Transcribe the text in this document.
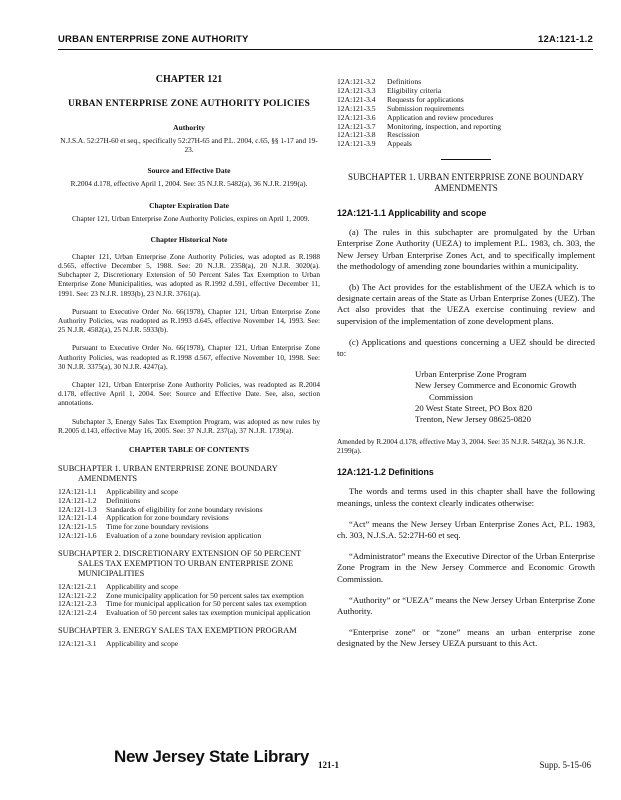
URBAN ENTERPRISE ZONE AUTHORITY	12A:121-1.2
CHAPTER 121
URBAN ENTERPRISE ZONE AUTHORITY POLICIES
Authority

N.J.S.A. 52:27H-60 et seq., specifically 52:27H-65 and P.L. 2004, c.65, §§ 1-17 and 19-23.

Source and Effective Date

R.2004 d.178, effective April 1, 2004. See: 35 N.J.R. 5482(a), 36 N.J.R. 2199(a).

Chapter Expiration Date

Chapter 121, Urban Enterprise Zone Authority Policies, expires on April 1, 2009.

Chapter Historical Note

Chapter 121, Urban Enterprise Zone Authority Policies, was adopted as R.1988 d.565, effective December 5, 1988. See: 20 N.J.R. 2358(a), 20 N.J.R. 3020(a). Subchapter 2, Discretionary Extension of 50 Percent Sales Tax Exemption to Urban Enterprise Zone Municipalities, was adopted as R.1992 d.591, effective December 11, 1991. See: 23 N.J.R. 1893(b), 23 N.J.R. 3761(a).

Pursuant to Executive Order No. 66(1978), Chapter 121, Urban Enterprise Zone Authority Policies, was readopted as R.1993 d.645, effective November 14, 1993. See: 25 N.J.R. 4582(a), 25 N.J.R. 5933(b).

Pursuant to Executive Order No. 66(1978), Chapter 121, Urban Enterprise Zone Authority Policies, was readopted as R.1998 d.567, effective November 10, 1998. See: 30 N.J.R. 3375(a), 30 N.J.R. 4247(a).

Chapter 121, Urban Enterprise Zone Authority Policies, was readopted as R.2004 d.178, effective April 1, 2004. See: Source and Effective Date. See, also, section annotations.

Subchapter 3, Energy Sales Tax Exemption Program, was adopted as new rules by R.2005 d.143, effective May 16, 2005. See: 37 N.J.R. 237(a), 37 N.J.R. 1739(a).

CHAPTER TABLE OF CONTENTS
SUBCHAPTER 1. URBAN ENTERPRISE ZONE BOUNDARY AMENDMENTS
12A:121-1.1	Applicability and scope
12A:121-1.2	Definitions
12A:121-1.3	Standards of eligibility for zone boundary revisions
12A:121-1.4	Application for zone boundary revisions
12A:121-1.5	Time for zone boundary revisions
12A:121-1.6	Evaluation of a zone boundary revision application
SUBCHAPTER 2. DISCRETIONARY EXTENSION OF 50 PERCENT SALES TAX EXEMPTION TO URBAN ENTERPRISE ZONE MUNICIPALITIES
12A:121-2.1	Applicability and scope
12A:121-2.2	Zone municipality application for 50 percent sales tax exemption
12A:121-2.3	Time for municipal application for 50 percent sales tax exemption
12A:121-2.4	Evaluation of 50 percent sales tax exemption municipal application
SUBCHAPTER 3. ENERGY SALES TAX EXEMPTION PROGRAM
12A:121-3.1	Applicability and scope
12A:121-3.2	Definitions
12A:121-3.3	Eligibility criteria
12A:121-3.4	Requests for applications
12A:121-3.5	Submission requirements
12A:121-3.6	Application and review procedures
12A:121-3.7	Monitoring, inspection, and reporting
12A:121-3.8	Rescission
12A:121-3.9	Appeals
SUBCHAPTER 1. URBAN ENTERPRISE ZONE BOUNDARY AMENDMENTS
12A:121-1.1 Applicability and scope

(a) The rules in this subchapter are promulgated by the Urban Enterprise Zone Authority (UEZA) to implement P.L. 1983, ch. 303, the New Jersey Urban Enterprise Zones Act, and to specifically implement the methodology of amending zone boundaries within a municipality.

(b) The Act provides for the establishment of the UEZA which is to designate certain areas of the State as Urban Enterprise Zones (UEZ). The Act also provides that the UEZA exercise continuing review and supervision of the implementation of zone development plans.

(c) Applications and questions concerning a UEZ should be directed to:

Urban Enterprise Zone Program
New Jersey Commerce and Economic Growth
Commission
20 West State Street, PO Box 820
Trenton, New Jersey 08625-0820

Amended by R.2004 d.178, effective May 3, 2004. See: 35 N.J.R. 5482(a), 36 N.J.R. 2199(a).

12A:121-1.2 Definitions

The words and terms used in this chapter shall have the following meanings, unless the context clearly indicates otherwise:

“Act” means the New Jersey Urban Enterprise Zones Act, P.L. 1983, ch. 303, N.J.S.A. 52:27H-60 et seq.

“Administrator” means the Executive Director of the Urban Enterprise Zone Program in the New Jersey Commerce and Economic Growth Commission.

“Authority” or “UEZA” means the New Jersey Urban Enterprise Zone Authority.

“Enterprise zone” or “zone” means an urban enterprise zone designated by the New Jersey UEZA pursuant to this Act.

New Jersey State Library 121-1	Supp. 5-15-06
